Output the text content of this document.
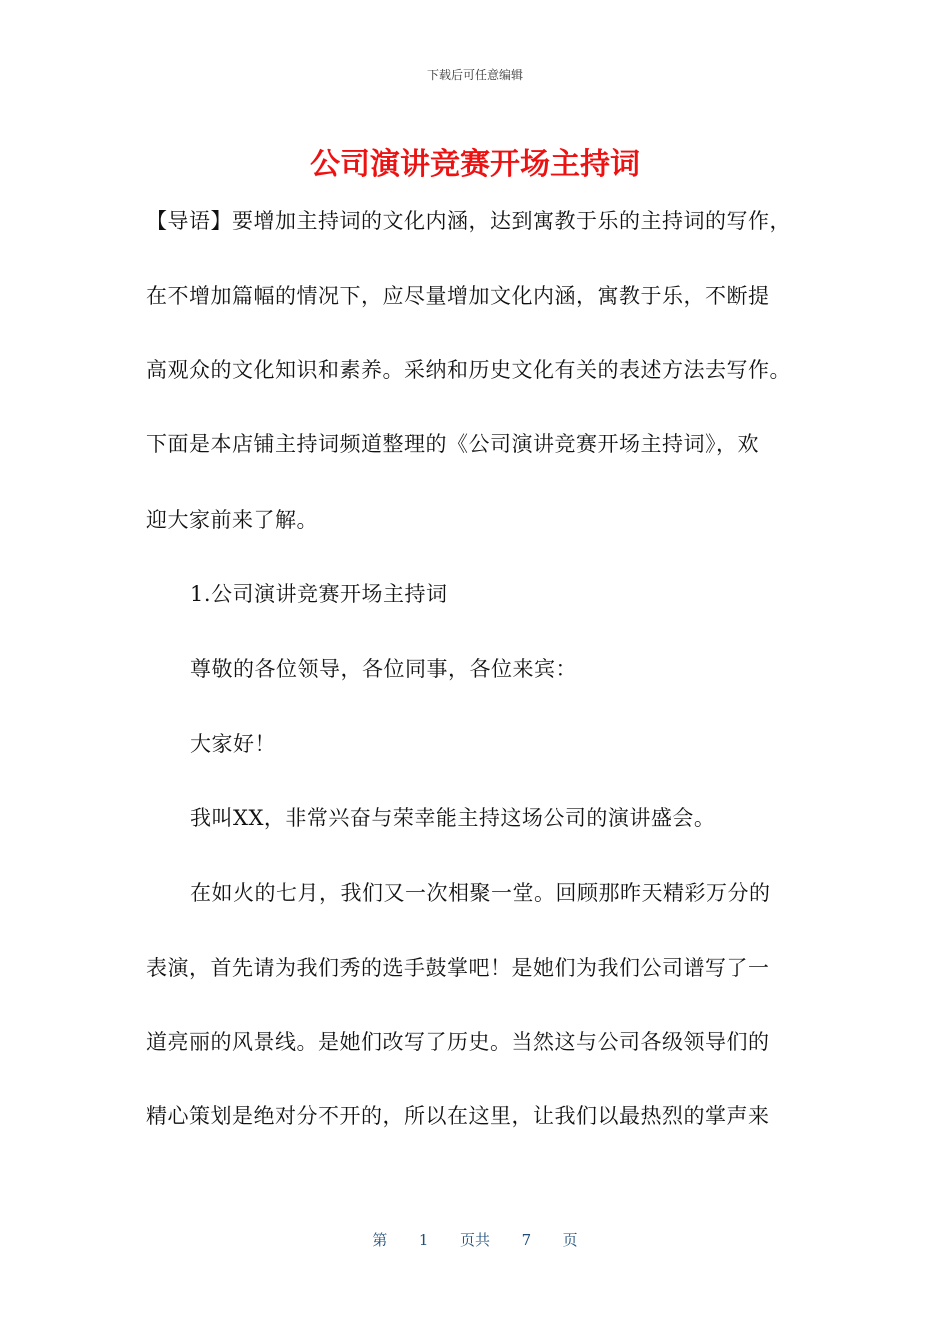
下载后可任意编辑
公司演讲竞赛开场主持词
【导语】要增加主持词的文化内涵，达到寓教于乐的主持词的写作，
在不增加篇幅的情况下，应尽量增加文化内涵，寓教于乐，不断提
高观众的文化知识和素养。采纳和历史文化有关的表述方法去写作。
下面是本店铺主持词频道整理的《公司演讲竞赛开场主持词》，欢
迎大家前来了解。
1.公司演讲竞赛开场主持词
尊敬的各位领导，各位同事，各位来宾：
大家好！
我叫XX，非常兴奋与荣幸能主持这场公司的演讲盛会。
在如火的七月，我们又一次相聚一堂。回顾那昨天精彩万分的
表演，首先请为我们秀的选手鼓掌吧！是她们为我们公司谱写了一
道亮丽的风景线。是她们改写了历史。当然这与公司各级领导们的
精心策划是绝对分不开的，所以在这里，让我们以最热烈的掌声来
第 1 页共 7 页
